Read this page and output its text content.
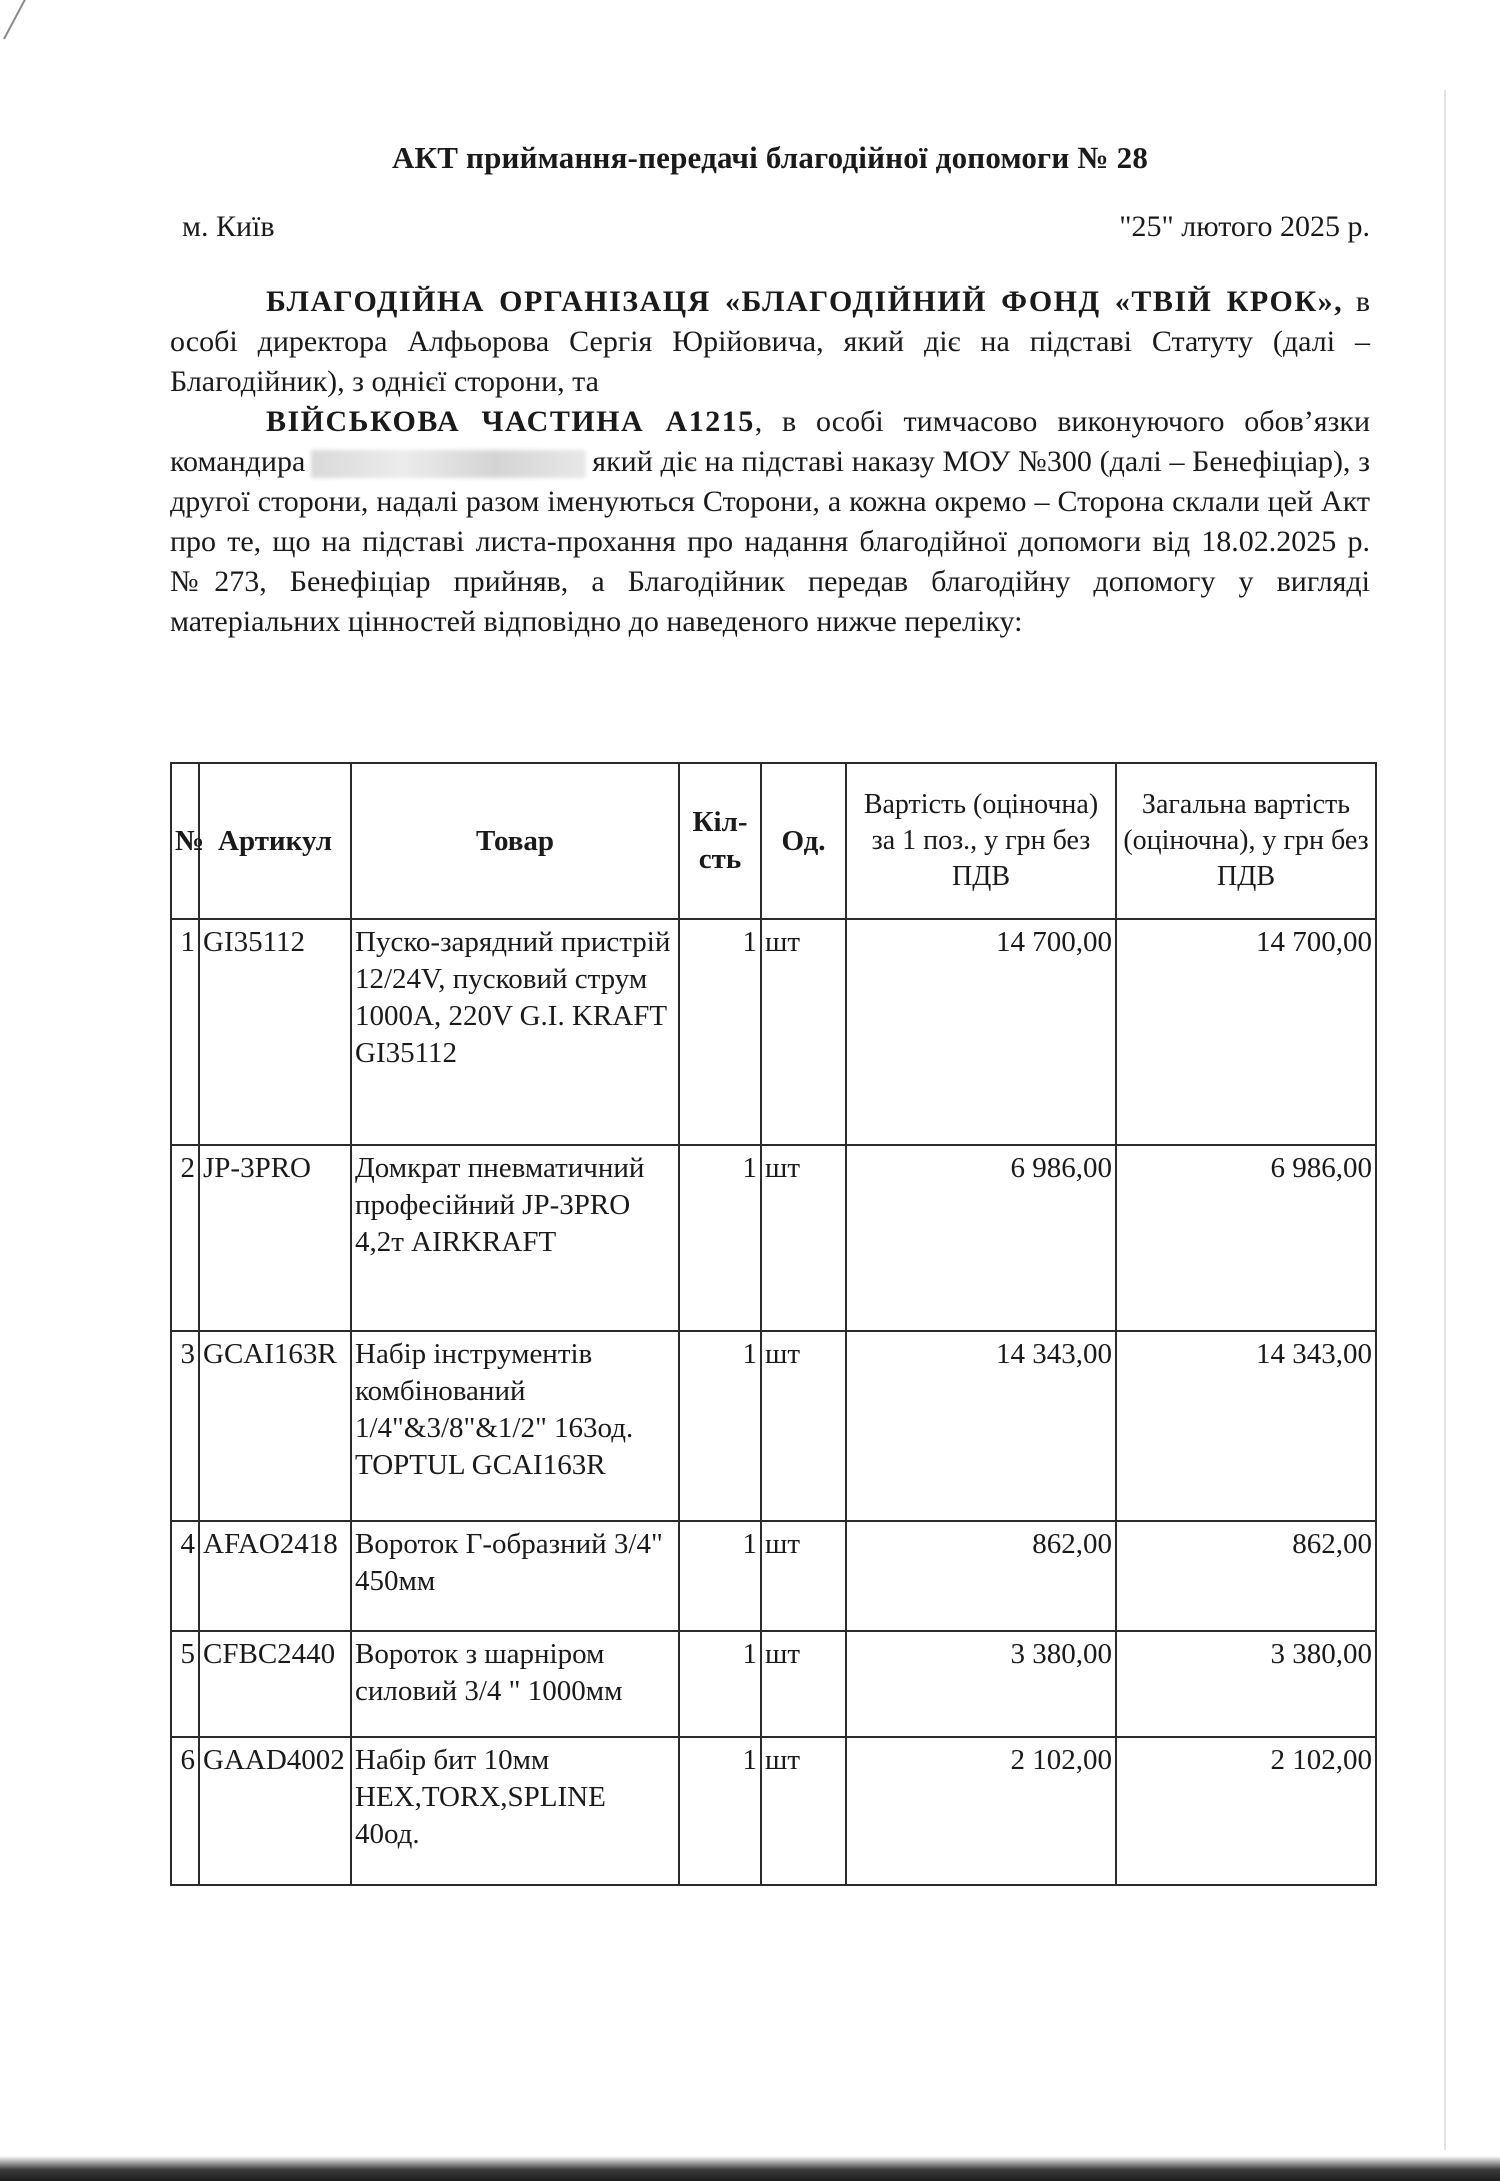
АКТ приймання-передачі благодійної допомоги № 28
м. Київ	"25" лютого 2025 р.

БЛАГОДІЙНА ОРГАНІЗАЦЯ «БЛАГОДІЙНИЙ ФОНД «ТВІЙ КРОК», в особі директора Алфьорова Сергія Юрійовича, який діє на підставі Статуту (далі – Благодійник), з однієї сторони, та

ВІЙСЬКОВА ЧАСТИНА А1215, в особі тимчасово виконуючого обов’язки командира	який діє на підставі наказу МОУ №300 (далі – Бенефіціар), з другої сторони, надалі разом іменуються Сторони, а кожна окремо – Сторона склали цей Акт про те, що на підставі листа-прохання про надання благодійної допомоги від 18.02.2025 р. №273, Бенефіціар прийняв, а Благодійник передав благодійну допомогу у вигляді матеріальних цінностей відповідно до наведеного нижче переліку:

№	Артикул	Товар	Кіл-сть	Од.	Вартість (оціночна) за 1 поз., у грн без ПДВ	Загальна вартість (оціночна), у грн без ПДВ
1	GI35112	Пуско-зарядний пристрій 12/24V, пусковий струм 1000А, 220V G.I. KRAFT GI35112	1	шт	14 700,00	14 700,00
2	JP-3PRO	Домкрат пневматичний професійний JP-3PRO 4,2т AIRKRAFT	1	шт	6 986,00	6 986,00
3	GCAI163R	Набір інструментів комбінований 1/4"&3/8"&1/2" 163од. TOPTUL GCAI163R	1	шт	14 343,00	14 343,00
4	AFAO2418	Вороток Г-образний 3/4" 450мм	1	шт	862,00	862,00
5	CFBC2440	Вороток з шарніром силовий 3/4 " 1000мм	1	шт	3 380,00	3 380,00
6	GAAD4002	Набір бит 10мм HEX,TORX,SPLINE 40од.	1	шт	2 102,00	2 102,00
